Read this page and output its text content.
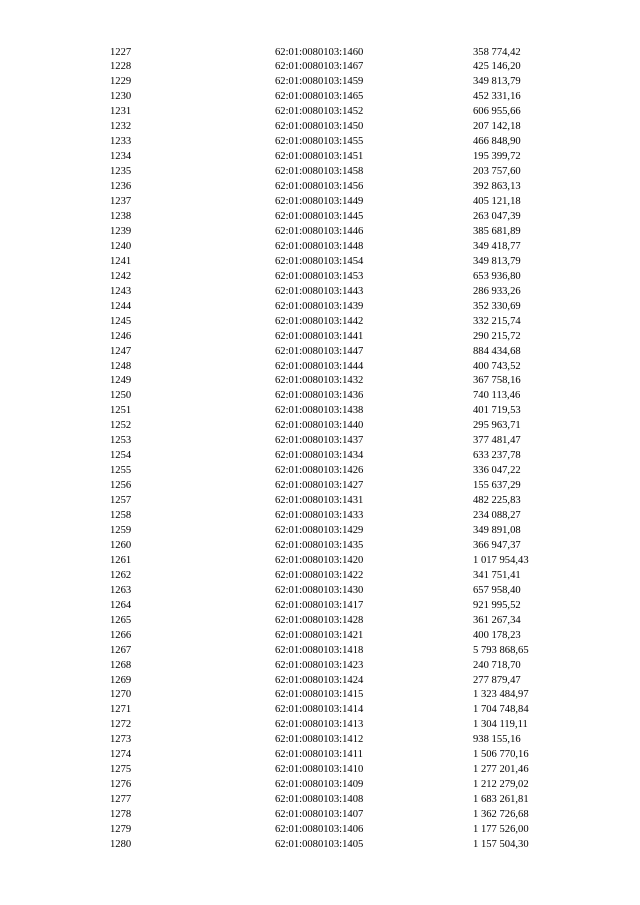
1227	62:01:0080103:1460	358 774,42
1228	62:01:0080103:1467	425 146,20
1229	62:01:0080103:1459	349 813,79
1230	62:01:0080103:1465	452 331,16
1231	62:01:0080103:1452	606 955,66
1232	62:01:0080103:1450	207 142,18
1233	62:01:0080103:1455	466 848,90
1234	62:01:0080103:1451	195 399,72
1235	62:01:0080103:1458	203 757,60
1236	62:01:0080103:1456	392 863,13
1237	62:01:0080103:1449	405 121,18
1238	62:01:0080103:1445	263 047,39
1239	62:01:0080103:1446	385 681,89
1240	62:01:0080103:1448	349 418,77
1241	62:01:0080103:1454	349 813,79
1242	62:01:0080103:1453	653 936,80
1243	62:01:0080103:1443	286 933,26
1244	62:01:0080103:1439	352 330,69
1245	62:01:0080103:1442	332 215,74
1246	62:01:0080103:1441	290 215,72
1247	62:01:0080103:1447	884 434,68
1248	62:01:0080103:1444	400 743,52
1249	62:01:0080103:1432	367 758,16
1250	62:01:0080103:1436	740 113,46
1251	62:01:0080103:1438	401 719,53
1252	62:01:0080103:1440	295 963,71
1253	62:01:0080103:1437	377 481,47
1254	62:01:0080103:1434	633 237,78
1255	62:01:0080103:1426	336 047,22
1256	62:01:0080103:1427	155 637,29
1257	62:01:0080103:1431	482 225,83
1258	62:01:0080103:1433	234 088,27
1259	62:01:0080103:1429	349 891,08
1260	62:01:0080103:1435	366 947,37
1261	62:01:0080103:1420	1 017 954,43
1262	62:01:0080103:1422	341 751,41
1263	62:01:0080103:1430	657 958,40
1264	62:01:0080103:1417	921 995,52
1265	62:01:0080103:1428	361 267,34
1266	62:01:0080103:1421	400 178,23
1267	62:01:0080103:1418	5 793 868,65
1268	62:01:0080103:1423	240 718,70
1269	62:01:0080103:1424	277 879,47
1270	62:01:0080103:1415	1 323 484,97
1271	62:01:0080103:1414	1 704 748,84
1272	62:01:0080103:1413	1 304 119,11
1273	62:01:0080103:1412	938 155,16
1274	62:01:0080103:1411	1 506 770,16
1275	62:01:0080103:1410	1 277 201,46
1276	62:01:0080103:1409	1 212 279,02
1277	62:01:0080103:1408	1 683 261,81
1278	62:01:0080103:1407	1 362 726,68
1279	62:01:0080103:1406	1 177 526,00
1280	62:01:0080103:1405	1 157 504,30
